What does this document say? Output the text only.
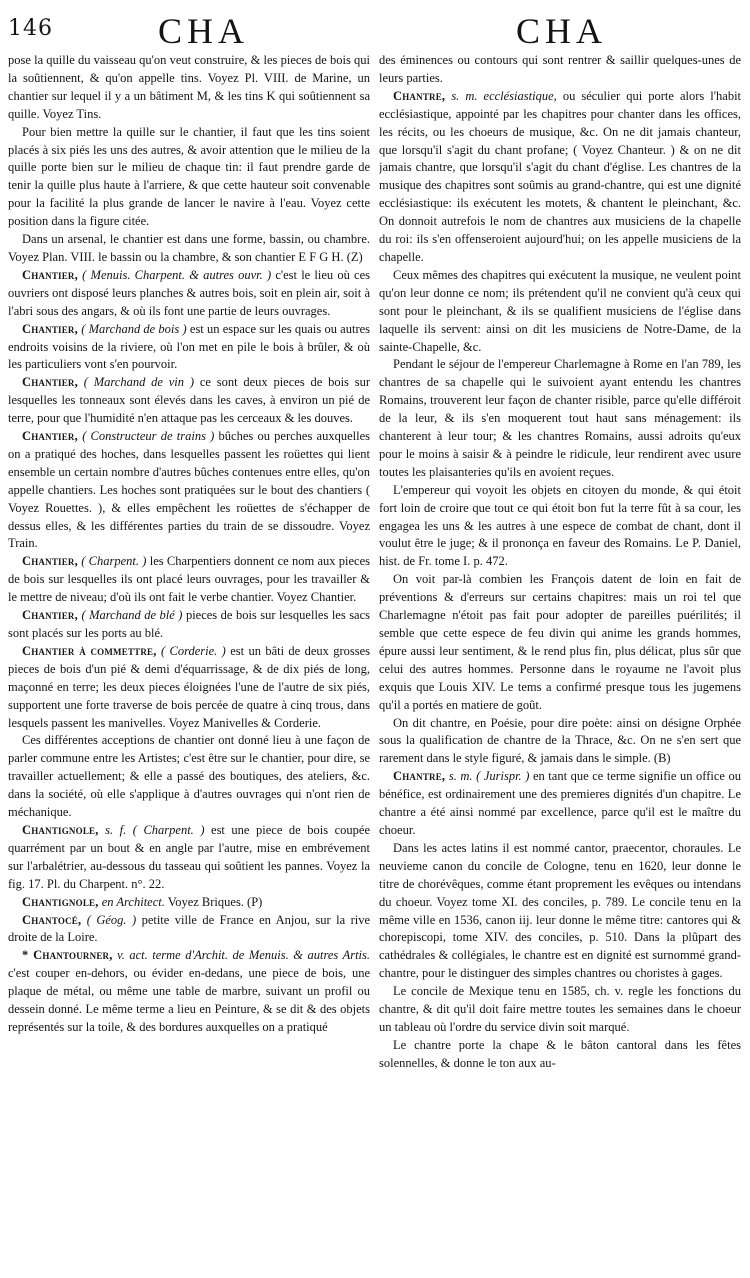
146	CHA	CHA

pose la quille du vaisseau qu'on veut construire, & les pieces de bois qui la soûtiennent, & qu'on appelle tins. Voyez Pl. VIII. de Marine, un chantier sur lequel il y a un bâtiment M, & les tins K qui soûtiennent sa quille. Voyez Tins.

Pour bien mettre la quille sur le chantier, il faut que les tins soient placés à six piés les uns des autres, & avoir attention que le milieu de la quille porte bien sur le milieu de chaque tin: il faut prendre garde de tenir la quille plus haute à l'arriere, & que cette hauteur soit convenable pour la facilité la plus grande de lancer le navire à l'eau. Voyez cette position dans la figure citée.

Dans un arsenal, le chantier est dans une forme, bassin, ou chambre. Voyez Plan. VIII. le bassin ou la chambre, & son chantier E F G H. (Z)

Chantier, ( Menuis. Charpent. & autres ouvr. ) c'est le lieu où ces ouvriers ont disposé leurs planches & autres bois, soit en plein air, soit à l'abri sous des angars, & où ils font une partie de leurs ouvrages.

Chantier, ( Marchand de bois ) est un espace sur les quais ou autres endroits voisins de la riviere, où l'on met en pile le bois à brûler, & où les particuliers vont s'en pourvoir.

Chantier, ( Marchand de vin ) ce sont deux pieces de bois sur lesquelles les tonneaux sont élevés dans les caves, à environ un pié de terre, pour que l'humidité n'en attaque pas les cerceaux & les douves.

Chantier, ( Constructeur de trains ) bûches ou perches auxquelles on a pratiqué des hoches, dans lesquelles passent les roüettes qui lient ensemble un certain nombre d'autres bûches contenues entre elles, qu'on appelle chantiers. Les hoches sont pratiquées sur le bout des chantiers ( Voyez Rouettes. ), & elles empêchent les roüettes de s'échapper de dessus elles, & les différentes parties du train de se dissoudre. Voyez Train.

Chantier, ( Charpent. ) les Charpentiers donnent ce nom aux pieces de bois sur lesquelles ils ont placé leurs ouvrages, pour les travailler & le mettre de niveau; d'où ils ont fait le verbe chantier. Voyez Chantier.

Chantier, ( Marchand de blé ) pieces de bois sur lesquelles les sacs sont placés sur les ports au blé.

Chantier à commettre, ( Corderie. ) est un bâti de deux grosses pieces de bois d'un pié & demi d'équarrissage, & de dix piés de long, maçonné en terre; les deux pieces éloignées l'une de l'autre de six piés, supportent une forte traverse de bois percée de quatre à cinq trous, dans lesquels passent les manivelles. Voyez Manivelles & Corderie.

Ces différentes acceptions de chantier ont donné lieu à une façon de parler commune entre les Artistes; c'est être sur le chantier, pour dire, se travailler actuellement; & elle a passé des boutiques, des ateliers, &c. dans la société, où elle s'applique à d'autres ouvrages qui n'ont rien de méchanique.

Chantignole, s. f. ( Charpent. ) est une piece de bois coupée quarrément par un bout & en angle par l'autre, mise en embrévement sur l'arbalétrier, au-dessous du tasseau qui soûtient les pannes. Voyez la fig. 17. Pl. du Charpent. n°. 22.

Chantignole, en Architect. Voyez Briques. (P)

Chantocé, ( Géog. ) petite ville de France en Anjou, sur la rive droite de la Loire.

* Chantourner, v. act. terme d'Archit. de Menuis. & autres Artis. c'est couper en-dehors, ou évider en-dedans, une piece de bois, une plaque de métal, ou même une table de marbre, suivant un profil ou dessein donné. Le même terme a lieu en Peinture, & se dit & des objets représentés sur la toile, & des bordures auxquelles on a pratiqué

des éminences ou contours qui sont rentrer & saillir quelques-unes de leurs parties.

Chantre, s. m. ecclésiastique, ou séculier qui porte alors l'habit ecclésiastique, appointé par les chapitres pour chanter dans les offices, les récits, ou les choeurs de musique, &c. On ne dit jamais chanteur, que lorsqu'il s'agit du chant profane; ( Voyez Chanteur. ) & on ne dit jamais chantre, que lorsqu'il s'agit du chant d'église. Les chantres de la musique des chapitres sont soûmis au grand-chantre, qui est une dignité ecclésiastique: ils exécutent les motets, & chantent le pleinchant, &c. On donnoit autrefois le nom de chantres aux musiciens de la chapelle du roi: ils s'en offenseroient aujourd'hui; on les appelle musiciens de la chapelle.

Ceux mêmes des chapitres qui exécutent la musique, ne veulent point qu'on leur donne ce nom; ils prétendent qu'il ne convient qu'à ceux qui sont pour le pleinchant, & ils se qualifient musiciens de l'église dans laquelle ils servent: ainsi on dit les musiciens de Notre-Dame, de la sainte-Chapelle, &c.

Pendant le séjour de l'empereur Charlemagne à Rome en l'an 789, les chantres de sa chapelle qui le suivoient ayant entendu les chantres Romains, trouverent leur façon de chanter risible, parce qu'elle différoit de la leur, & ils s'en moquerent tout haut sans ménagement: ils chanterent à leur tour; & les chantres Romains, aussi adroits qu'eux pour le moins à saisir & à peindre le ridicule, leur rendirent avec usure toutes les plaisanteries qu'ils en avoient reçues.

L'empereur qui voyoit les objets en citoyen du monde, & qui étoit fort loin de croire que tout ce qui étoit bon fut la terre fût à sa cour, les engagea les uns & les autres à une espece de combat de chant, dont il voulut être le juge; & il prononça en faveur des Romains. Le P. Daniel, hist. de Fr. tome I. p. 472.

On voit par-là combien les François datent de loin en fait de préventions & d'erreurs sur certains chapitres: mais un roi tel que Charlemagne n'étoit pas fait pour adopter de pareilles puérilités; il semble que cette espece de feu divin qui anime les grands hommes, épure aussi leur sentiment, & le rend plus fin, plus délicat, plus sûr que celui des autres hommes. Personne dans le royaume ne l'avoit plus exquis que Louis XIV. Le tems a confirmé presque tous les jugemens qu'il a portés en matiere de goût.

On dit chantre, en Poésie, pour dire poète: ainsi on désigne Orphée sous la qualification de chantre de la Thrace, &c. On ne s'en sert que rarement dans le style figuré, & jamais dans le simple. (B)

Chantre, s. m. ( Jurispr. ) en tant que ce terme signifie un office ou bénéfice, est ordinairement une des premieres dignités d'un chapitre. Le chantre a été ainsi nommé par excellence, parce qu'il est le maître du choeur.

Dans les actes latins il est nommé cantor, praecentor, choraules. Le neuvieme canon du concile de Cologne, tenu en 1620, leur donne le titre de chorévêques, comme étant proprement les evêques ou intendans du choeur. Voyez tome XI. des conciles, p. 789. Le concile tenu en la même ville en 1536, canon iij. leur donne le même titre: cantores qui & chorepiscopi, tome XIV. des conciles, p. 510. Dans la plûpart des cathédrales & collégiales, le chantre est en dignité est surnommé grand-chantre, pour le distinguer des simples chantres ou choristes à gages.

Le concile de Mexique tenu en 1585, ch. v. regle les fonctions du chantre, & dit qu'il doit faire mettre toutes les semaines dans le choeur un tableau où l'ordre du service divin soit marqué.

Le chantre porte la chape & le bâton cantoral dans les fêtes solennelles, & donne le ton aux au-
